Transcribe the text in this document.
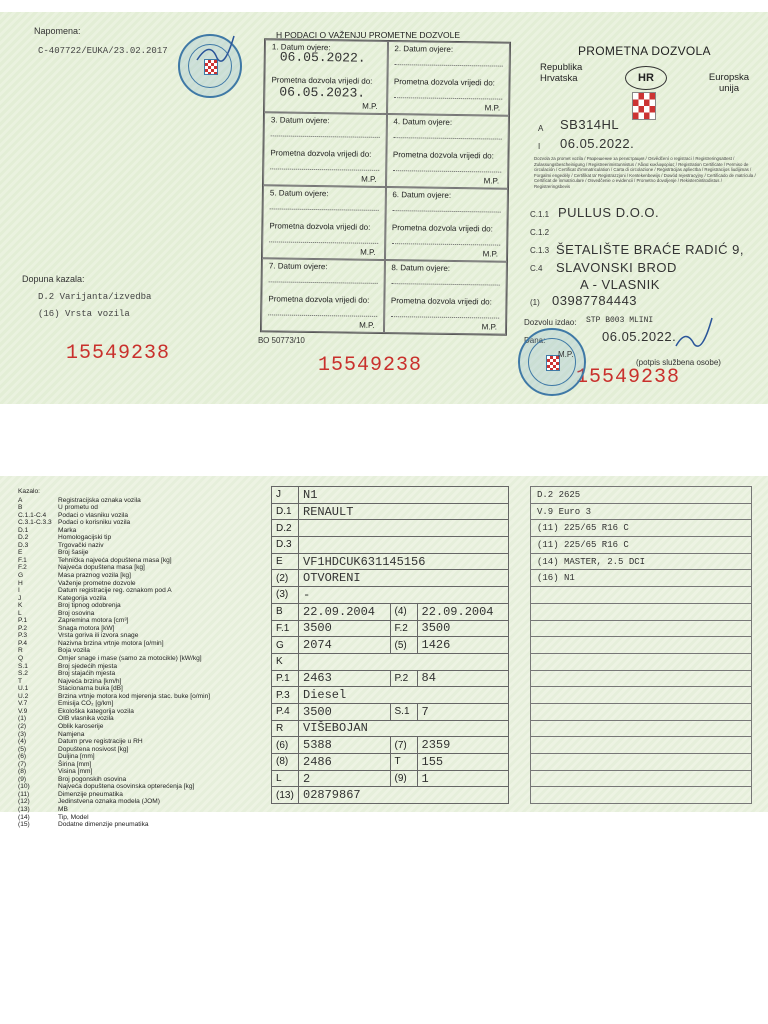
Napomena:
C-407722/EUKA/23.02.2017
Dopuna kazala:
D.2 Varijanta/izvedba
(16) Vrsta vozila
15549238
15549238
15549238
ВО 50773/10
H PODACI O VAŽENJU PROMETNE DOZVOLE
1. Datum ovjere:
06.05.2022.
Prometna dozvola vrijedi do:
06.05.2023.
M.P.
2. Datum ovjere:
Prometna dozvola vrijedi do:
M.P.
3. Datum ovjere:
Prometna dozvola vrijedi do:
M.P.
4. Datum ovjere:
Prometna dozvola vrijedi do:
M.P.
5. Datum ovjere:
Prometna dozvola vrijedi do:
M.P.
6. Datum ovjere:
Prometna dozvola vrijedi do:
M.P.
7. Datum ovjere:
Prometna dozvola vrijedi do:
M.P.
8. Datum ovjere:
Prometna dozvola vrijedi do:
M.P.
PROMETNA DOZVOLA
Republika Hrvatska	HR	Europska unija
A SB314HL
I 06.05.2022.
Dozvola za promet vozila / Разрешение за регистрация / Osvědčení o registraci / Registreringsattest / Zulassungsbescheinigung / Registreerimistunnistus / Άδεια κυκλοφορίας / Registration Certificate / Permiso de circulación / Certificat d'immatriculation / Carta di circolazione / Reģistrācijas apliecība / Registracijos liudijimas / Forgalmi engedély / Certifikat ta' Registrazzjoni / Kentekenbewijs / Dowód rejestracyjny / Certificado de matrícula / Certificat de înmatriculare / Osvedčenie o evidencii / Prometno dovoljenje / Rekisteröintitodistus / Registreringsbevis
C.1.1 PULLUS D.O.O.
C.1.2
C.1.3 ŠETALIŠTE BRAĆE RADIĆ 9,
C.4 SLAVONSKI BROD
A - VLASNIK
(1) 03987784443
Dozvolu izdao: STP B003 MLINI
Dana:	06.05.2022.
M.P.
(potpis službena osobe)
Kazalo:
A	Registracijska oznaka vozila
B	U prometu od
C.1.1-C.4	Podaci o vlasniku vozila
C.3.1-C.3.3 Podaci o korisniku vozila
D.1	Marka
D.2	Homologacijski tip
D.3	Trgovački naziv
E	Broj šasije
F.1	Tehnička najveća dopuštena masa [kg]
F.2	Najveća dopuštena masa [kg]
G	Masa praznog vozila [kg]
H	Važenje prometne dozvole
I	Datum registracije reg. oznakom pod A
J	Kategorija vozila
K	Broj tipnog odobrenja
L	Broj osovina
P.1	Zapremina motora [cm³]
P.2	Snaga motora [kW]
P.3	Vrsta goriva ili izvora snage
P.4	Nazivna brzina vrtnje motora [o/min]
R	Boja vozila
Q	Omjer snage i mase (samo za motocikle) [kW/kg]
S.1	Broj sjedećih mjesta
S.2	Broj stajaćih mjesta
T	Najveća brzina [km/h]
U.1	Stacionarna buka [dB]
U.2	Brzina vrtnje motora kod mjerenja stac. buke [o/min]
V.7	Emisija CO₂ [g/km]
V.9	Ekološka kategorija vozila
(1)	OIB vlasnika vozila
(2)	Oblik karoserije
(3)	Namjena
(4)	Datum prve registracije u RH
(5)	Dopuštena nosivost [kg]
(6)	Duljina [mm]
(7)	Širina [mm]
(8)	Visina [mm]
(9)	Broj pogonskih osovina
(10)	Najveća dopuštena osovinska opterećenja [kg]
(11)	Dimenzije pneumatika
(12)	Jedinstvena oznaka modela (JOM)
(13)	MB
(14)	Tip, Model
(15)	Dodatne dimenzije pneumatika
J	N1		
D.1	RENAULT		
D.2			
D.3			
E	VF1HDCUK631145156		
(2)	OTVORENI		
(3)	-		
B	22.09.2004	(4)	22.09.2004
F.1	3500	F.2	3500
G	2074	(5)	1426
K			
P.1	2463	P.2	84
P.3	Diesel		
P.4	3500	S.1	7
R	VIŠEBOJAN		
(6)	5388	(7)	2359
(8)	2486	T	155
L	2	(9)	1
(13)	02879867		
D.2 2625
V.9 Euro 3
(11) 225/65 R16 C
(11) 225/65 R16 C
(14) MASTER, 2.5 DCI
(16) N1
